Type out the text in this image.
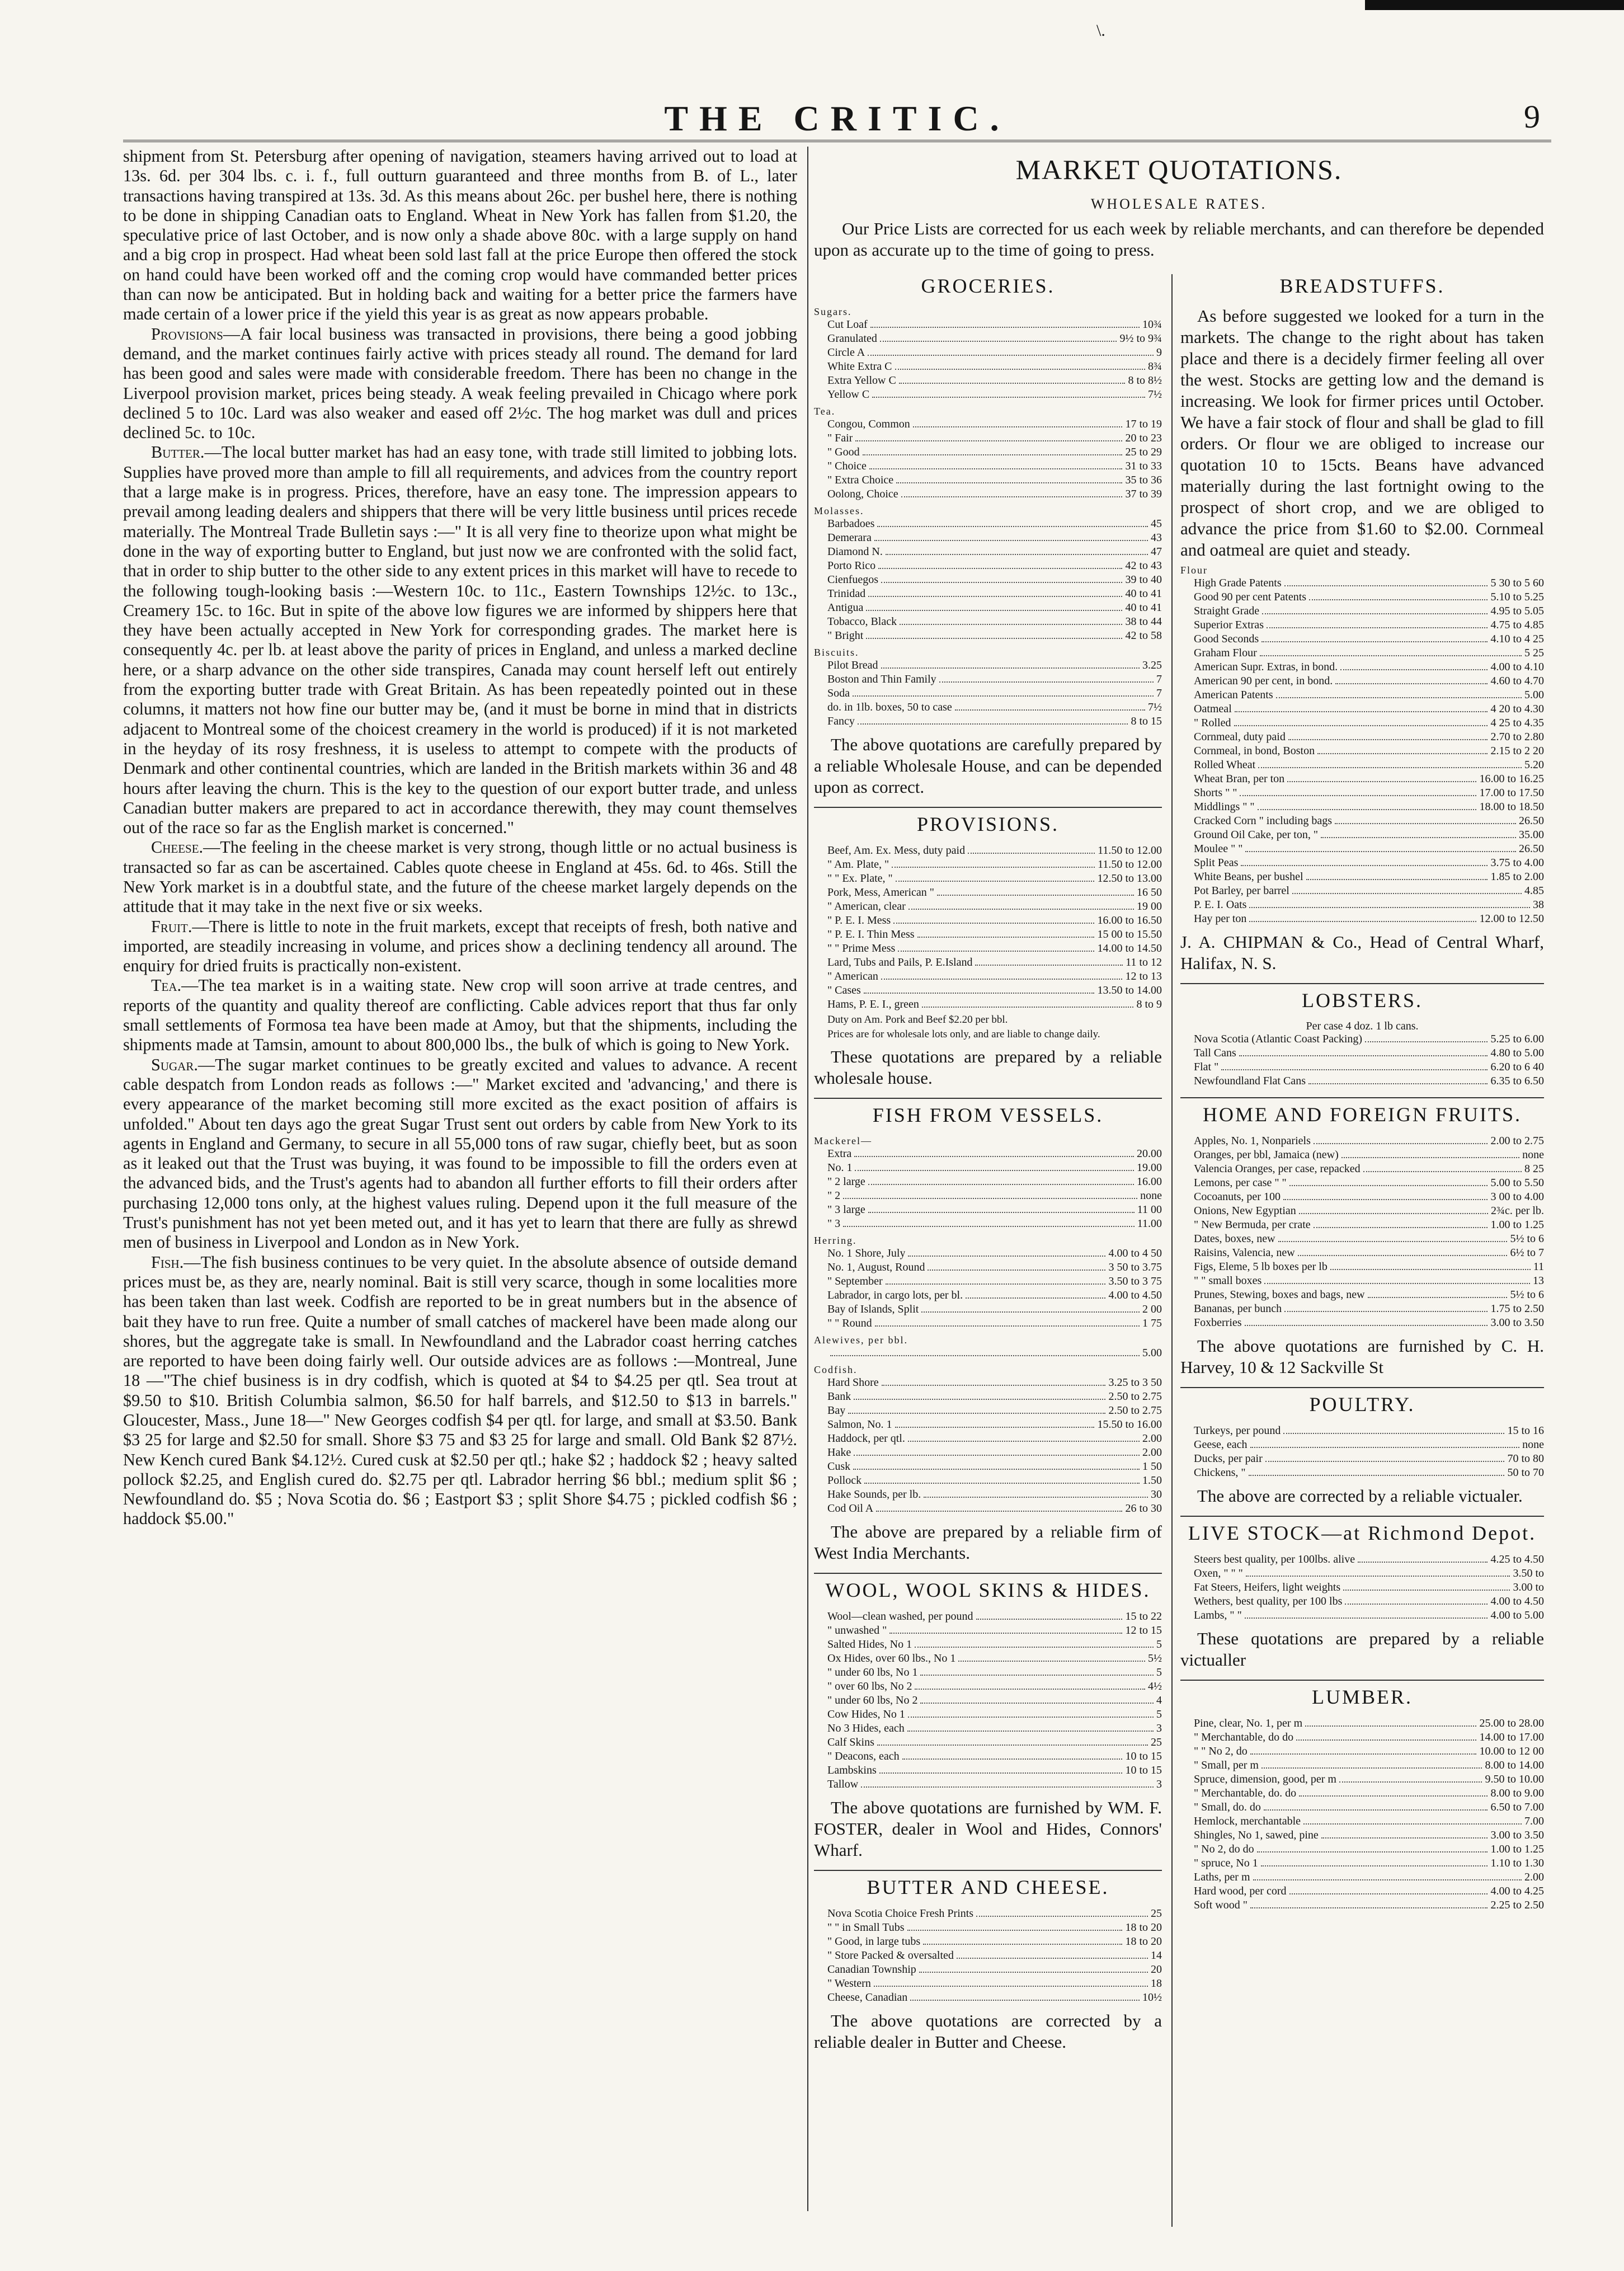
\.
THE CRITIC.	9

shipment from St. Petersburg after opening of navigation, steamers having arrived out to load at 13s. 6d. per 304 lbs. c. i. f., full outturn guaranteed and three months from B. of L., later transactions having transpired at 13s. 3d. As this means about 26c. per bushel here, there is nothing to be done in shipping Canadian oats to England. Wheat in New York has fallen from $1.20, the speculative price of last October, and is now only a shade above 80c. with a large supply on hand and a big crop in prospect. Had wheat been sold last fall at the price Europe then offered the stock on hand could have been worked off and the coming crop would have commanded better prices than can now be anticipated. But in holding back and waiting for a better price the farmers have made certain of a lower price if the yield this year is as great as now appears probable.

Provisions—A fair local business was transacted in provisions, there being a good jobbing demand, and the market continues fairly active with prices steady all round. The demand for lard has been good and sales were made with considerable freedom. There has been no change in the Liverpool provision market, prices being steady. A weak feeling prevailed in Chicago where pork declined 5 to 10c. Lard was also weaker and eased off 2½c. The hog market was dull and prices declined 5c. to 10c.

Butter.—The local butter market has had an easy tone, with trade still limited to jobbing lots. Supplies have proved more than ample to fill all requirements, and advices from the country report that a large make is in progress. Prices, therefore, have an easy tone. The impression appears to prevail among leading dealers and shippers that there will be very little business until prices recede materially. The Montreal Trade Bulletin says :—" It is all very fine to theorize upon what might be done in the way of exporting butter to England, but just now we are confronted with the solid fact, that in order to ship butter to the other side to any extent prices in this market will have to recede to the following tough-looking basis :—Western 10c. to 11c., Eastern Townships 12½c. to 13c., Creamery 15c. to 16c. But in spite of the above low figures we are informed by shippers here that they have been actually accepted in New York for corresponding grades. The market here is consequently 4c. per lb. at least above the parity of prices in England, and unless a marked decline here, or a sharp advance on the other side transpires, Canada may count herself left out entirely from the exporting butter trade with Great Britain. As has been repeatedly pointed out in these columns, it matters not how fine our butter may be, (and it must be borne in mind that in districts adjacent to Montreal some of the choicest creamery in the world is produced) if it is not marketed in the heyday of its rosy freshness, it is useless to attempt to compete with the products of Denmark and other continental countries, which are landed in the British markets within 36 and 48 hours after leaving the churn. This is the key to the question of our export butter trade, and unless Canadian butter makers are prepared to act in accordance therewith, they may count themselves out of the race so far as the English market is concerned."

Cheese.—The feeling in the cheese market is very strong, though little or no actual business is transacted so far as can be ascertained. Cables quote cheese in England at 45s. 6d. to 46s. Still the New York market is in a doubtful state, and the future of the cheese market largely depends on the attitude that it may take in the next five or six weeks.

Fruit.—There is little to note in the fruit markets, except that receipts of fresh, both native and imported, are steadily increasing in volume, and prices show a declining tendency all around. The enquiry for dried fruits is practically non-existent.

Tea.—The tea market is in a waiting state. New crop will soon arrive at trade centres, and reports of the quantity and quality thereof are conflicting. Cable advices report that thus far only small settlements of Formosa tea have been made at Amoy, but that the shipments, including the shipments made at Tamsin, amount to about 800,000 lbs., the bulk of which is going to New York.

Sugar.—The sugar market continues to be greatly excited and values to advance. A recent cable despatch from London reads as follows :—" Market excited and 'advancing,' and there is every appearance of the market becoming still more excited as the exact position of affairs is unfolded." About ten days ago the great Sugar Trust sent out orders by cable from New York to its agents in England and Germany, to secure in all 55,000 tons of raw sugar, chiefly beet, but as soon as it leaked out that the Trust was buying, it was found to be impossible to fill the orders even at the advanced bids, and the Trust's agents had to abandon all further efforts to fill their orders after purchasing 12,000 tons only, at the highest values ruling. Depend upon it the full measure of the Trust's punishment has not yet been meted out, and it has yet to learn that there are fully as shrewd men of business in Liverpool and London as in New York.

Fish.—The fish business continues to be very quiet. In the absolute absence of outside demand prices must be, as they are, nearly nominal. Bait is still very scarce, though in some localities more has been taken than last week. Codfish are reported to be in great numbers but in the absence of bait they have to run free. Quite a number of small catches of mackerel have been made along our shores, but the aggregate take is small. In Newfoundland and the Labrador coast herring catches are reported to have been doing fairly well. Our outside advices are as follows :—Montreal, June 18 —"The chief business is in dry codfish, which is quoted at $4 to $4.25 per qtl. Sea trout at $9.50 to $10. British Columbia salmon, $6.50 for half barrels, and $12.50 to $13 in barrels." Gloucester, Mass., June 18—" New Georges codfish $4 per qtl. for large, and small at $3.50. Bank $3 25 for large and $2.50 for small. Shore $3 75 and $3 25 for large and small. Old Bank $2 87½. New Kench cured Bank $4.12½. Cured cusk at $2.50 per qtl.; hake $2 ; haddock $2 ; heavy salted pollock $2.25, and English cured do. $2.75 per qtl. Labrador herring $6 bbl.; medium split $6 ; Newfoundland do. $5 ; Nova Scotia do. $6 ; Eastport $3 ; split Shore $4.75 ; pickled codfish $6 ; haddock $5.00."

MARKET QUOTATIONS.
WHOLESALE RATES.

Our Price Lists are corrected for us each week by reliable merchants, and can therefore be depended upon as accurate up to the time of going to press.

GROCERIES.
Sugars.
Cut Loaf	10¾
Granulated	9½ to 9¾
Circle A	9
White Extra C	8¾
Extra Yellow C	8 to 8½
Yellow C	7½
Tea.
Congou, Common	17 to 19
" Fair	20 to 23
" Good	25 to 29
" Choice	31 to 33
" Extra Choice	35 to 36
Oolong, Choice	37 to 39
Molasses.
Barbadoes	45
Demerara	43
Diamond N.	47
Porto Rico	42 to 43
Cienfuegos	39 to 40
Trinidad	40 to 41
Antigua	40 to 41
Tobacco, Black	38 to 44
" Bright	42 to 58
Biscuits.
Pilot Bread	3.25
Boston and Thin Family	7
Soda	7
do. in 1lb. boxes, 50 to case	7½
Fancy	8 to 15

The above quotations are carefully prepared by a reliable Wholesale House, and can be depended upon as correct.

PROVISIONS.
Beef, Am. Ex. Mess, duty paid	11.50 to 12.00
" Am. Plate, "	11.50 to 12.00
" " Ex. Plate, "	12.50 to 13.00
Pork, Mess, American "	16 50
" American, clear	19 00
" P. E. I. Mess	16.00 to 16.50
" P. E. I. Thin Mess	15 00 to 15.50
" " Prime Mess	14.00 to 14.50
Lard, Tubs and Pails, P. E.Island	11 to 12
" American	12 to 13
" Cases	13.50 to 14.00
Hams, P. E. I., green	8 to 9
Duty on Am. Pork and Beef $2.20 per bbl.
Prices are for wholesale lots only, and are liable to change daily.

These quotations are prepared by a reliable wholesale house.

FISH FROM VESSELS.
Mackerel—
Extra	20.00
No. 1	19.00
" 2 large	16.00
" 2	none
" 3 large	11 00
" 3	11.00
Herring.
No. 1 Shore, July	4.00 to 4 50
No. 1, August, Round	3 50 to 3.75
" September	3.50 to 3 75
Labrador, in cargo lots, per bl.	4.00 to 4.50
Bay of Islands, Split	2 00
" " Round	1 75
Alewives, per bbl.
5.00
Codfish.
Hard Shore	3.25 to 3 50
Bank	2.50 to 2.75
Bay	2.50 to 2.75
Salmon, No. 1	15.50 to 16.00
Haddock, per qtl.	2.00
Hake	2.00
Cusk	1 50
Pollock	1.50
Hake Sounds, per lb.	30
Cod Oil A	26 to 30

The above are prepared by a reliable firm of West India Merchants.

WOOL, WOOL SKINS & HIDES.
Wool—clean washed, per pound	15 to 22
" unwashed "	12 to 15
Salted Hides, No 1	5
Ox Hides, over 60 lbs., No 1	5½
" under 60 lbs, No 1	5
" over 60 lbs, No 2	4½
" under 60 lbs, No 2	4
Cow Hides, No 1	5
No 3 Hides, each	3
Calf Skins	25
" Deacons, each	10 to 15
Lambskins	10 to 15
Tallow	3

The above quotations are furnished by WM. F. FOSTER, dealer in Wool and Hides, Connors' Wharf.

BUTTER AND CHEESE.
Nova Scotia Choice Fresh Prints	25
" " in Small Tubs	18 to 20
" Good, in large tubs	18 to 20
" Store Packed & oversalted	14
Canadian Township	20
" Western	18
Cheese, Canadian	10½

The above quotations are corrected by a reliable dealer in Butter and Cheese.

BREADSTUFFS.

As before suggested we looked for a turn in the markets. The change to the right about has taken place and there is a decidely firmer feeling all over the west. Stocks are getting low and the demand is increasing. We look for firmer prices until October. We have a fair stock of flour and shall be glad to fill orders. Or flour we are obliged to increase our quotation 10 to 15cts. Beans have advanced materially during the last fortnight owing to the prospect of short crop, and we are obliged to advance the price from $1.60 to $2.00. Cornmeal and oatmeal are quiet and steady.

Flour
High Grade Patents	5 30 to 5 60
Good 90 per cent Patents	5.10 to 5.25
Straight Grade	4.95 to 5.05
Superior Extras	4.75 to 4.85
Good Seconds	4.10 to 4 25
Graham Flour	5 25
American Supr. Extras, in bond.	4.00 to 4.10
American 90 per cent, in bond.	4.60 to 4.70
American Patents	5.00
Oatmeal	4 20 to 4.30
" Rolled	4 25 to 4.35
Cornmeal, duty paid	2.70 to 2.80
Cornmeal, in bond, Boston	2.15 to 2 20
Rolled Wheat	5.20
Wheat Bran, per ton	16.00 to 16.25
Shorts " "	17.00 to 17.50
Middlings " "	18.00 to 18.50
Cracked Corn " including bags	26.50
Ground Oil Cake, per ton, "	35.00
Moulee " "	26.50
Split Peas	3.75 to 4.00
White Beans, per bushel	1.85 to 2.00
Pot Barley, per barrel	4.85
P. E. I. Oats	38
Hay per ton	12.00 to 12.50

J. A. CHIPMAN & Co., Head of Central Wharf, Halifax, N. S.

LOBSTERS.
Per case 4 doz. 1 lb cans.
Nova Scotia (Atlantic Coast Packing)	5.25 to 6.00
Tall Cans	4.80 to 5.00
Flat "	6.20 to 6 40
Newfoundland Flat Cans	6.35 to 6.50
HOME AND FOREIGN FRUITS.
Apples, No. 1, Nonpariels	2.00 to 2.75
Oranges, per bbl, Jamaica (new)	none
Valencia Oranges, per case, repacked	8 25
Lemons, per case " "	5.00 to 5.50
Cocoanuts, per 100	3 00 to 4.00
Onions, New Egyptian	2¾c. per lb.
" New Bermuda, per crate	1.00 to 1.25
Dates, boxes, new	5½ to 6
Raisins, Valencia, new	6½ to 7
Figs, Eleme, 5 lb boxes per lb	11
" " small boxes	13
Prunes, Stewing, boxes and bags, new	5½ to 6
Bananas, per bunch	1.75 to 2.50
Foxberries	3.00 to 3.50

The above quotations are furnished by C. H. Harvey, 10 & 12 Sackville St

POULTRY.
Turkeys, per pound	15 to 16
Geese, each	none
Ducks, per pair	70 to 80
Chickens, "	50 to 70

The above are corrected by a reliable victualer.

LIVE STOCK—at Richmond Depot.
Steers best quality, per 100lbs. alive	4.25 to 4.50
Oxen, " " "	3.50 to
Fat Steers, Heifers, light weights	3.00 to
Wethers, best quality, per 100 lbs	4.00 to 4.50
Lambs, " "	4.00 to 5.00

These quotations are prepared by a reliable victualler

LUMBER.
Pine, clear, No. 1, per m	25.00 to 28.00
" Merchantable, do do	14.00 to 17.00
" " No 2, do	10.00 to 12 00
" Small, per m	8.00 to 14.00
Spruce, dimension, good, per m	9.50 to 10.00
" Merchantable, do. do	8.00 to 9.00
" Small, do. do	6.50 to 7.00
Hemlock, merchantable	7.00
Shingles, No 1, sawed, pine	3.00 to 3.50
" No 2, do do	1.00 to 1.25
" spruce, No 1	1.10 to 1.30
Laths, per m	2.00
Hard wood, per cord	4.00 to 4.25
Soft wood "	2.25 to 2.50
